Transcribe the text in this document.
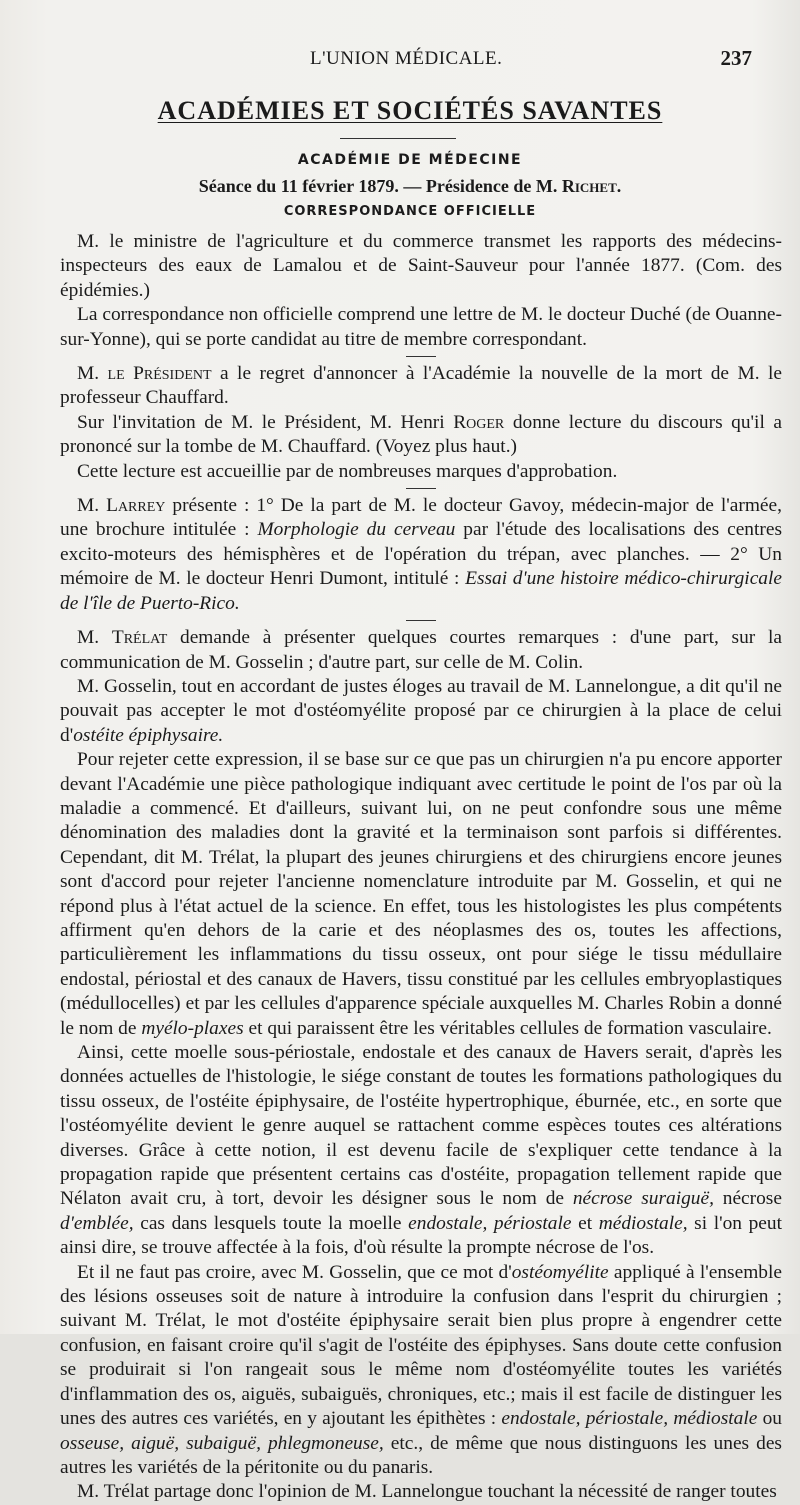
L'UNION MÉDICALE.	237
ACADÉMIES ET SOCIÉTÉS SAVANTES
ACADÉMIE DE MÉDECINE
Séance du 11 février 1879. — Présidence de M. Richet.
CORRESPONDANCE OFFICIELLE

M. le ministre de l'agriculture et du commerce transmet les rapports des médecins-inspecteurs des eaux de Lamalou et de Saint-Sauveur pour l'année 1877. (Com. des épidémies.)

La correspondance non officielle comprend une lettre de M. le docteur Duché (de Ouanne-sur-Yonne), qui se porte candidat au titre de membre correspondant.

M. le Président a le regret d'annoncer à l'Académie la nouvelle de la mort de M. le professeur Chauffard.

Sur l'invitation de M. le Président, M. Henri Roger donne lecture du discours qu'il a prononcé sur la tombe de M. Chauffard. (Voyez plus haut.)

Cette lecture est accueillie par de nombreuses marques d'approbation.

M. Larrey présente : 1° De la part de M. le docteur Gavoy, médecin-major de l'armée, une brochure intitulée : Morphologie du cerveau par l'étude des localisations des centres excito-moteurs des hémisphères et de l'opération du trépan, avec planches. — 2° Un mémoire de M. le docteur Henri Dumont, intitulé : Essai d'une histoire médico-chirurgicale de l'île de Puerto-Rico.

M. Trélat demande à présenter quelques courtes remarques : d'une part, sur la communication de M. Gosselin ; d'autre part, sur celle de M. Colin.

M. Gosselin, tout en accordant de justes éloges au travail de M. Lannelongue, a dit qu'il ne pouvait pas accepter le mot d'ostéomyélite proposé par ce chirurgien à la place de celui d'ostéite épiphysaire.

Pour rejeter cette expression, il se base sur ce que pas un chirurgien n'a pu encore apporter devant l'Académie une pièce pathologique indiquant avec certitude le point de l'os par où la maladie a commencé. Et d'ailleurs, suivant lui, on ne peut confondre sous une même dénomination des maladies dont la gravité et la terminaison sont parfois si différentes. Cependant, dit M. Trélat, la plupart des jeunes chirurgiens et des chirurgiens encore jeunes sont d'accord pour rejeter l'ancienne nomenclature introduite par M. Gosselin, et qui ne répond plus à l'état actuel de la science. En effet, tous les histologistes les plus compétents affirment qu'en dehors de la carie et des néoplasmes des os, toutes les affections, particulièrement les inflammations du tissu osseux, ont pour siége le tissu médullaire endostal, périostal et des canaux de Havers, tissu constitué par les cellules embryoplastiques (médullocelles) et par les cellules d'apparence spéciale auxquelles M. Charles Robin a donné le nom de myélo-plaxes et qui paraissent être les véritables cellules de formation vasculaire.

Ainsi, cette moelle sous-périostale, endostale et des canaux de Havers serait, d'après les données actuelles de l'histologie, le siége constant de toutes les formations pathologiques du tissu osseux, de l'ostéite épiphysaire, de l'ostéite hypertrophique, éburnée, etc., en sorte que l'ostéomyélite devient le genre auquel se rattachent comme espèces toutes ces altérations diverses. Grâce à cette notion, il est devenu facile de s'expliquer cette tendance à la propagation rapide que présentent certains cas d'ostéite, propagation tellement rapide que Nélaton avait cru, à tort, devoir les désigner sous le nom de nécrose suraiguë, nécrose d'emblée, cas dans lesquels toute la moelle endostale, périostale et médiostale, si l'on peut ainsi dire, se trouve affectée à la fois, d'où résulte la prompte nécrose de l'os.

Et il ne faut pas croire, avec M. Gosselin, que ce mot d'ostéomyélite appliqué à l'ensemble des lésions osseuses soit de nature à introduire la confusion dans l'esprit du chirurgien ; suivant M. Trélat, le mot d'ostéite épiphysaire serait bien plus propre à engendrer cette confusion, en faisant croire qu'il s'agit de l'ostéite des épiphyses. Sans doute cette confusion se produirait si l'on rangeait sous le même nom d'ostéomyélite toutes les variétés d'inflammation des os, aiguës, subaiguës, chroniques, etc.; mais il est facile de distinguer les unes des autres ces variétés, en y ajoutant les épithètes : endostale, périostale, médiostale ou osseuse, aiguë, subaiguë, phlegmoneuse, etc., de même que nous distinguons les unes des autres les variétés de la péritonite ou du panaris.

M. Trélat partage donc l'opinion de M. Lannelongue touchant la nécessité de ranger toutes
